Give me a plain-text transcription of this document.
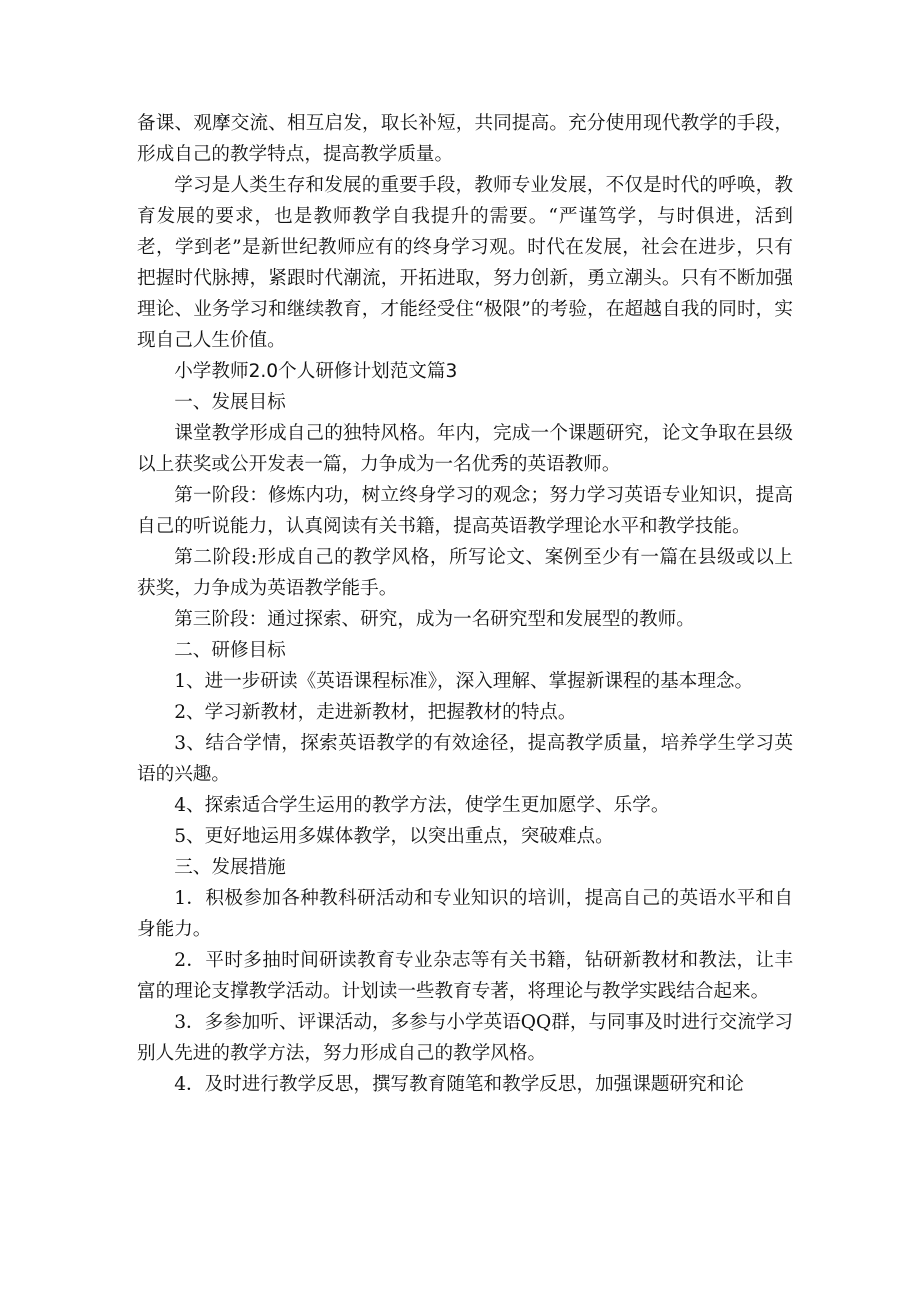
备课、观摩交流、相互启发，取长补短，共同提高。充分使用现代教学的手段，形成自己的教学特点，提高教学质量。

学习是人类生存和发展的重要手段，教师专业发展，不仅是时代的呼唤，教育发展的要求，也是教师教学自我提升的需要。“严谨笃学，与时俱进，活到老，学到老”是新世纪教师应有的终身学习观。时代在发展，社会在进步，只有把握时代脉搏，紧跟时代潮流，开拓进取，努力创新，勇立潮头。只有不断加强理论、业务学习和继续教育，才能经受住“极限”的考验，在超越自我的同时，实现自己人生价值。

小学教师2.0个人研修计划范文篇3

一、发展目标

课堂教学形成自己的独特风格。年内，完成一个课题研究，论文争取在县级以上获奖或公开发表一篇，力争成为一名优秀的英语教师。

第一阶段：修炼内功，树立终身学习的观念；努力学习英语专业知识，提高自己的听说能力，认真阅读有关书籍，提高英语教学理论水平和教学技能。

第二阶段:形成自己的教学风格，所写论文、案例至少有一篇在县级或以上获奖，力争成为英语教学能手。

第三阶段：通过探索、研究，成为一名研究型和发展型的教师。

二、研修目标

1、进一步研读《英语课程标准》，深入理解、掌握新课程的基本理念。

2、学习新教材，走进新教材，把握教材的特点。

3、结合学情，探索英语教学的有效途径，提高教学质量，培养学生学习英语的兴趣。

4、探索适合学生运用的教学方法，使学生更加愿学、乐学。

5、更好地运用多媒体教学，以突出重点，突破难点。

三、发展措施

1．积极参加各种教科研活动和专业知识的培训，提高自己的英语水平和自身能力。

2．平时多抽时间研读教育专业杂志等有关书籍，钻研新教材和教法，让丰富的理论支撑教学活动。计划读一些教育专著，将理论与教学实践结合起来。

3．多参加听、评课活动，多参与小学英语QQ群，与同事及时进行交流学习别人先进的教学方法，努力形成自己的教学风格。

4．及时进行教学反思，撰写教育随笔和教学反思，加强课题研究和论
